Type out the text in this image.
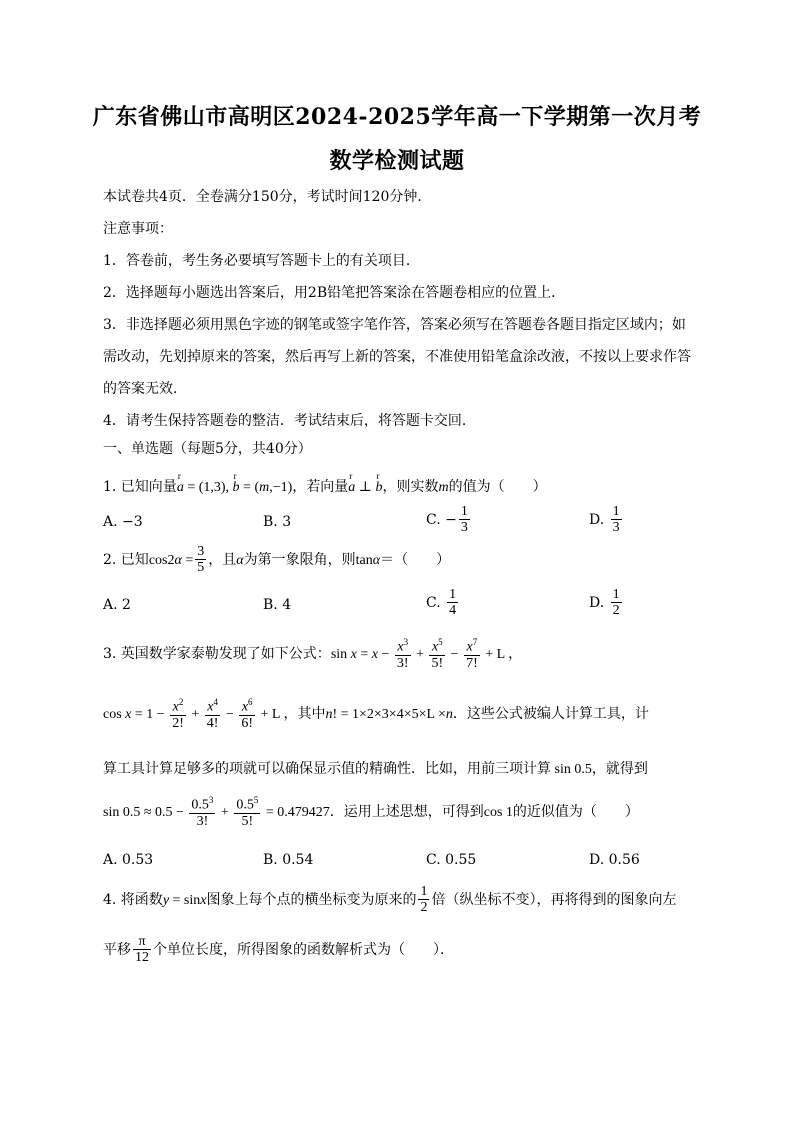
广东省佛山市高明区2024-2025学年高一下学期第一次月考
数学检测试题
本试卷共4页．全卷满分150分，考试时间120分钟．
注意事项：
1．答卷前，考生务必要填写答题卡上的有关项目．
2．选择题每小题选出答案后，用2B铅笔把答案涂在答题卷相应的位置上．
3．非选择题必须用黑色字迹的钢笔或签字笔作答，答案必须写在答题卷各题目指定区域内；如
需改动，先划掉原来的答案，然后再写上新的答案，不准使用铅笔盒涂改液，不按以上要求作答
的答案无效．
4．请考生保持答题卷的整洁．考试结束后，将答题卡交回．
一、单选题（每题5分，共40分）
1. 已知向量a
r
= (1,3), b
r
= (m,−1)，若向量a
r
⊥ b
r
，则实数m的值为（　　）
A. −3	B. 3	C. − $\frac{1}{3}$	D. $\frac{1}{3}$
2. 已知$\cos 2\alpha = \frac{3}{5}$ ，且α为第一象限角，则tanα＝（　　）
A. 2	B. 4	C. $\frac{1}{4}$	D. $\frac{1}{2}$
3. 英国数学家泰勒发现了如下公式：$\sin x = x - \frac{x^3}{3!} + \frac{x^5}{5!} - \frac{x^7}{7!} + L$ ，
$\cos x = 1 - \frac{x^2}{2!} + \frac{x^4}{4!} - \frac{x^6}{6!} + L$ ，其中n! = 1×2×3×4×5×L ×n．这些公式被编人计算工具，计
算工具计算足够多的项就可以确保显示值的精确性．比如，用前三项计算 sin 0.5，就得到
$\sin 0.5 \approx 0.5 - \frac{0.5^3}{3!} + \frac{0.5^5}{5!} = 0.479427$．运用上述思想，可得到cos 1的近似值为（　　）
A. 0.53	B. 0.54	C. 0.55	D. 0.56
4. 将函数y = sinx图象上每个点的横坐标变为原来的 $\frac{1}{2}$ 倍（纵坐标不变），再将得到的图象向左
平移 $\frac{\pi}{12}$ 个单位长度，所得图象的函数解析式为（　　）．
